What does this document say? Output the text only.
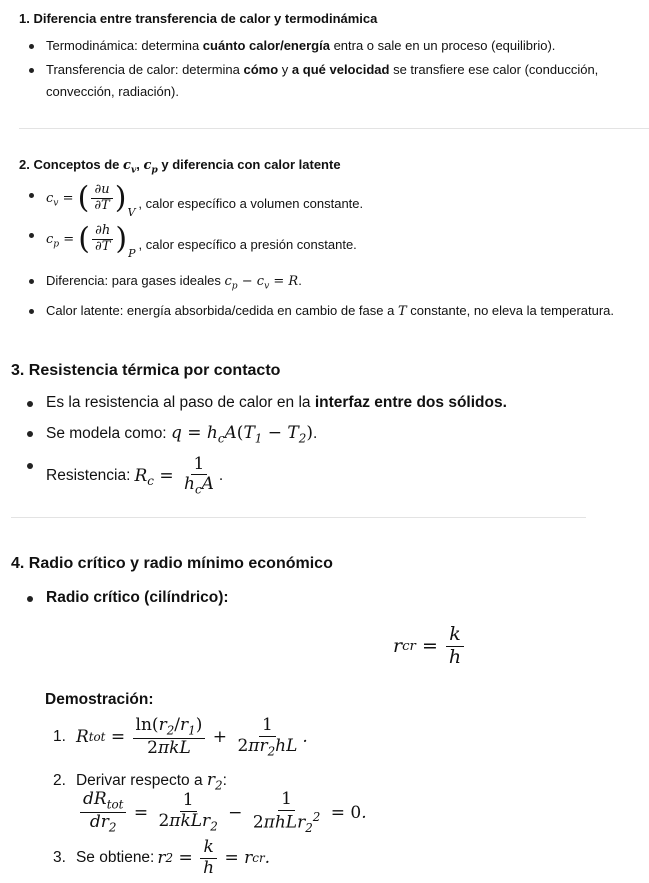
1. Diferencia entre transferencia de calor y termodinámica
Termodinámica: determina cuánto calor/energía entra o sale en un proceso (equilibrio).
Transferencia de calor: determina cómo y a qué velocidad se transfiere ese calor (conducción,
convección, radiación).
2. Conceptos de $c_v$, $c_p$ y diferencia con calor latente
$c_v$ = ( $\frac{\partial u}{\partial T} )_V$
, calor específico a volumen constante.
$c_p$ = ( $\frac{\partial h}{\partial T} )_P$
, calor específico a presión constante.
Diferencia: para gases ideales $c_p - c_v = R$.
Calor latente: energía absorbida/cedida en cambio de fase a T constante, no eleva la temperatura.
3. Resistencia térmica por contacto
Es la resistencia al paso de calor en la interfaz entre dos sólidos.
Se modela como: $q = h_cA(T_1 - T_2)$.
Resistencia: $R_c = \frac{1}{h_cA}$ .
4. Radio crítico y radio mínimo económico
Radio crítico (cilíndrico):
r cr
=
$\frac{k}{h}$
Demostración:
1. R tot
=
$\frac{\ln(r_2/r_1)}{\text{2πkL}}$
+
$\frac{1}{2\pi r_2hL}$ .
2. Derivar respecto a $r_2$:
$\frac{dR_{tot}}{dr_2}$
=
$\frac{1}{2\pi kLr_2}$
−
$\frac{1}{2\pi hLr_2^2}$
= 0 .
3. Se obtiene: r 2
=
$\frac{k}{h}$
= r cr .
